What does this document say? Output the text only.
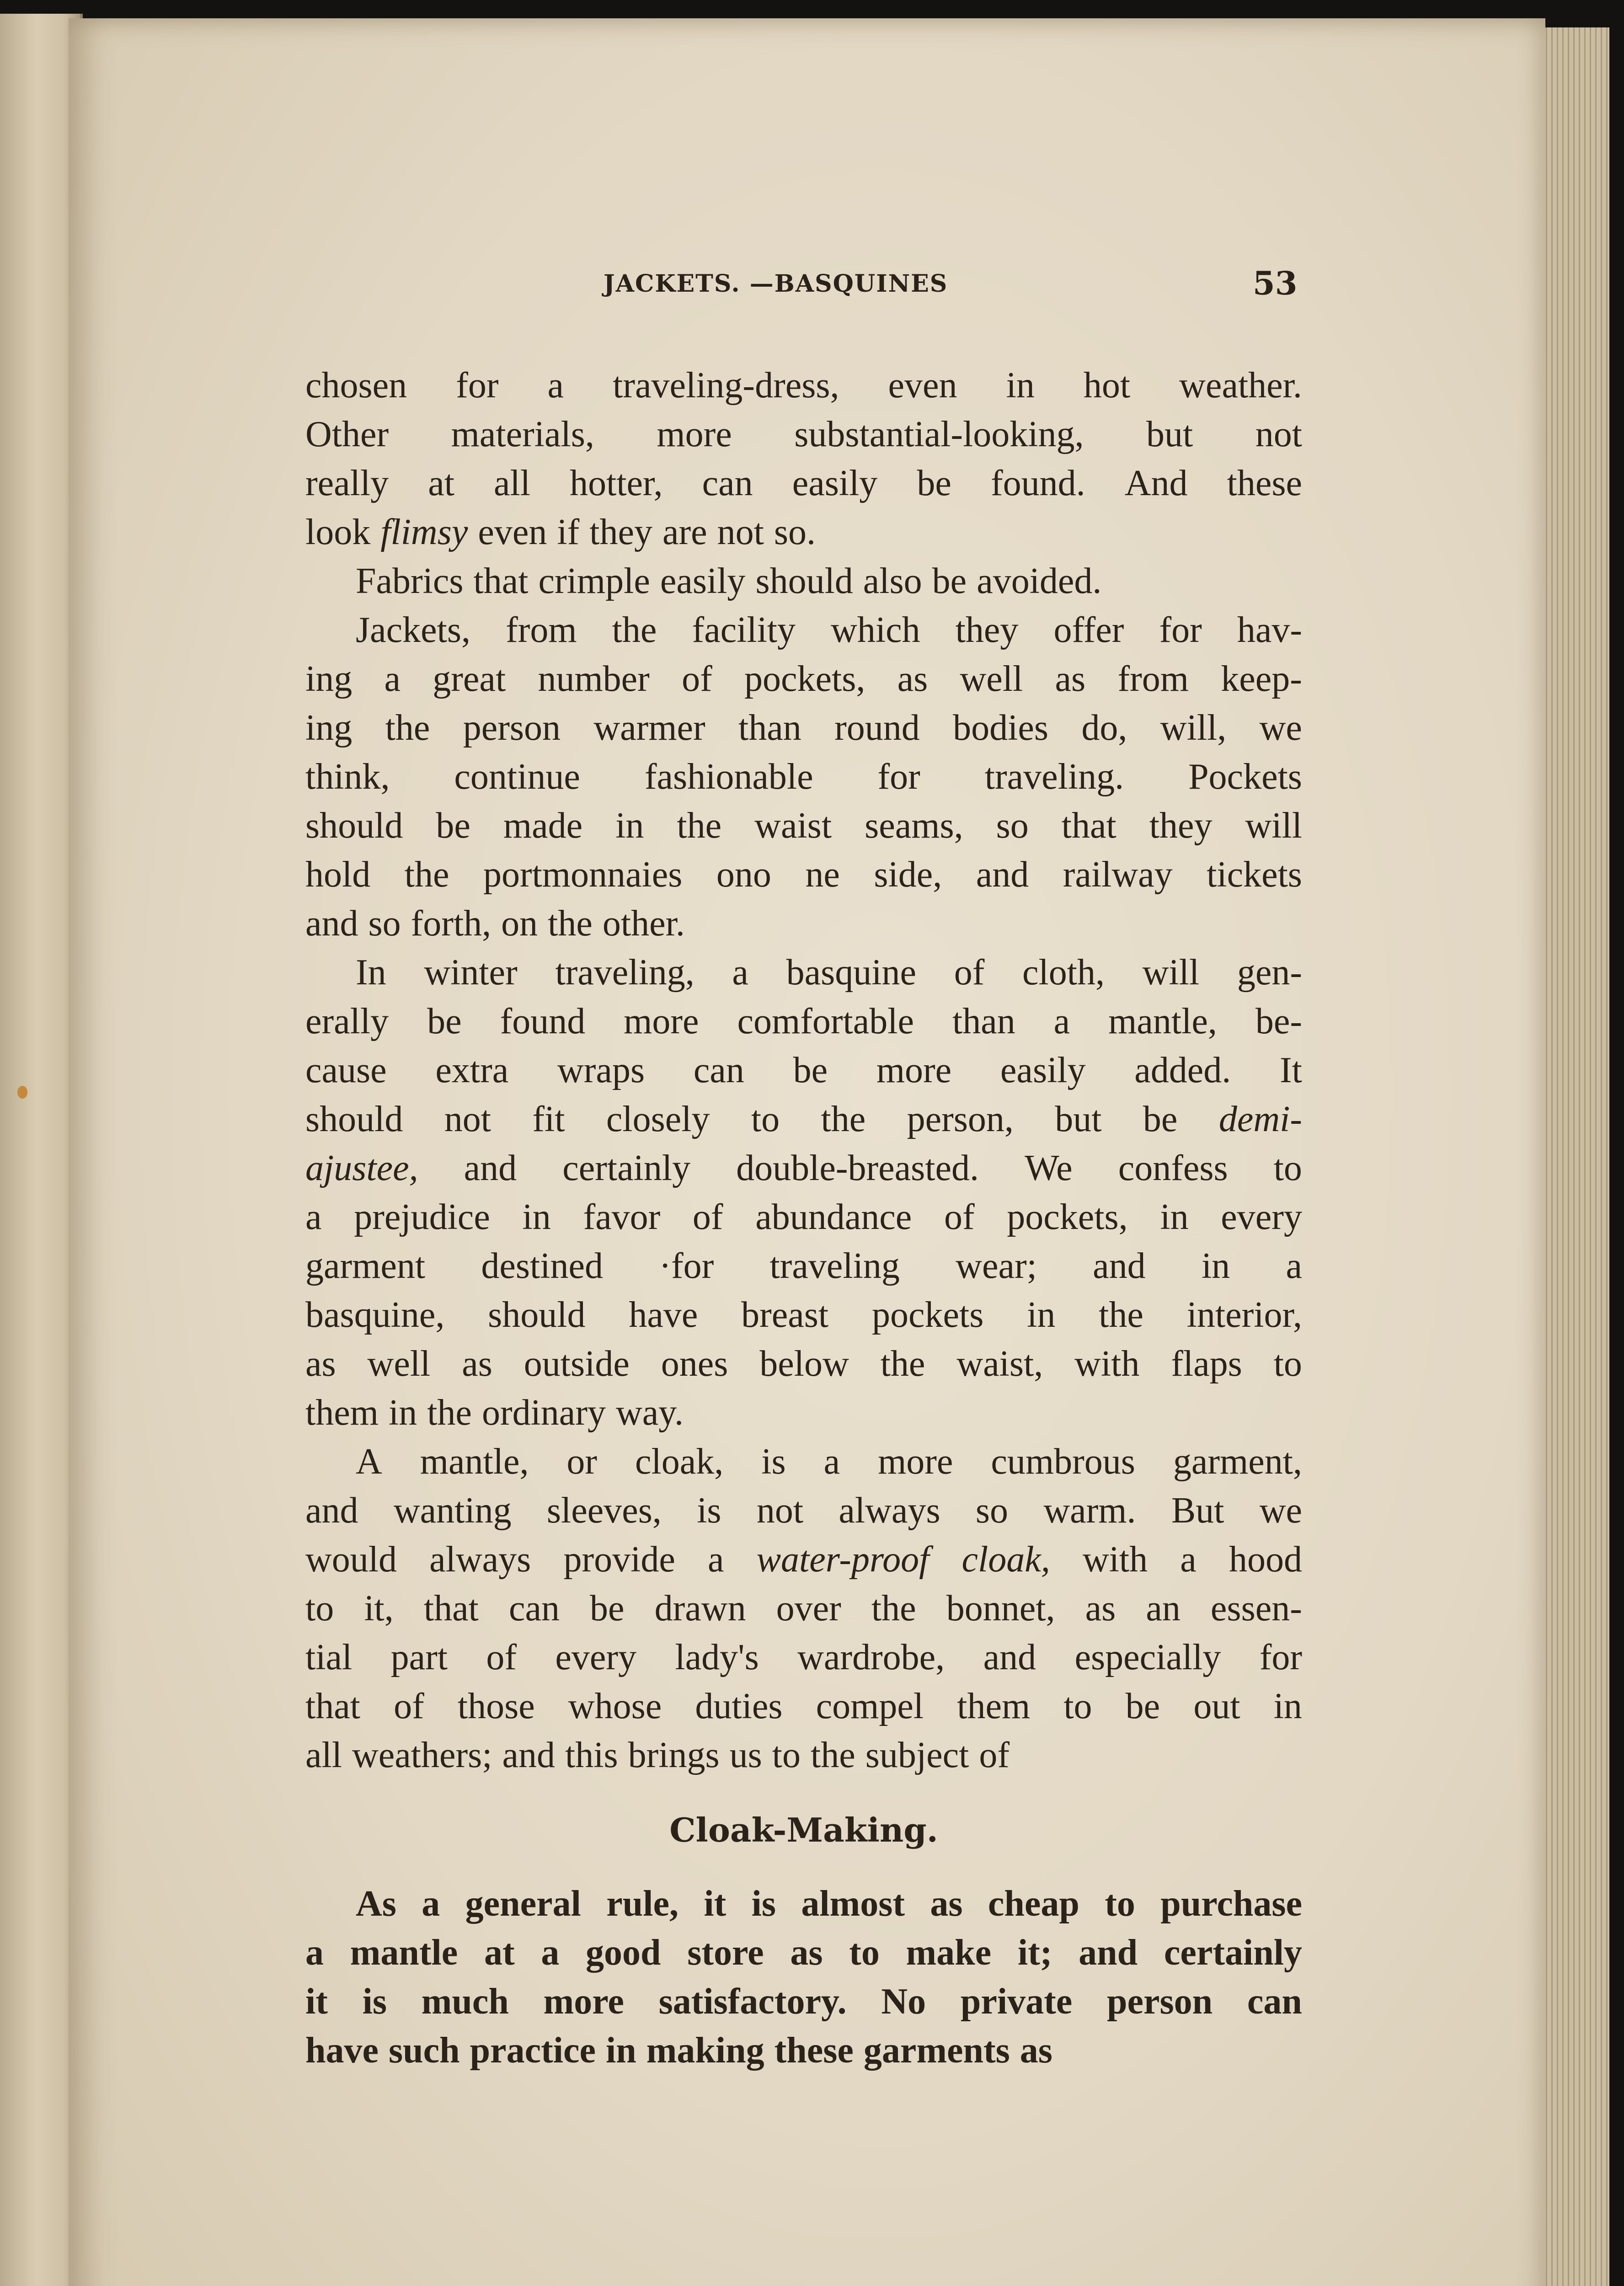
JACKETS. —BASQUINES	53
chosen for a traveling-dress, even in hot weather.
Other materials, more substantial-looking, but not
really at all hotter, can easily be found. And these
look flimsy even if they are not so.
Fabrics that crimple easily should also be avoided.
Jackets, from the facility which they offer for hav-
ing a great number of pockets, as well as from keep-
ing the person warmer than round bodies do, will, we
think, continue fashionable for traveling. Pockets
should be made in the waist seams, so that they will
hold the portmonnaies ono ne side, and railway tickets
and so forth, on the other.
In winter traveling, a basquine of cloth, will gen-
erally be found more comfortable than a mantle, be-
cause extra wraps can be more easily added. It
should not fit closely to the person, but be demi-
ajustee, and certainly double-breasted. We confess to
a prejudice in favor of abundance of pockets, in every
garment destined ·for traveling wear; and in a
basquine, should have breast pockets in the interior,
as well as outside ones below the waist, with flaps to
them in the ordinary way.
A mantle, or cloak, is a more cumbrous garment,
and wanting sleeves, is not always so warm. But we
would always provide a water-proof cloak, with a hood
to it, that can be drawn over the bonnet, as an essen-
tial part of every lady's wardrobe, and especially for
that of those whose duties compel them to be out in
all weathers; and this brings us to the subject of
Cloak-Making.
As a general rule, it is almost as cheap to purchase
a mantle at a good store as to make it; and certainly
it is much more satisfactory. No private person can
have such practice in making these garments as
